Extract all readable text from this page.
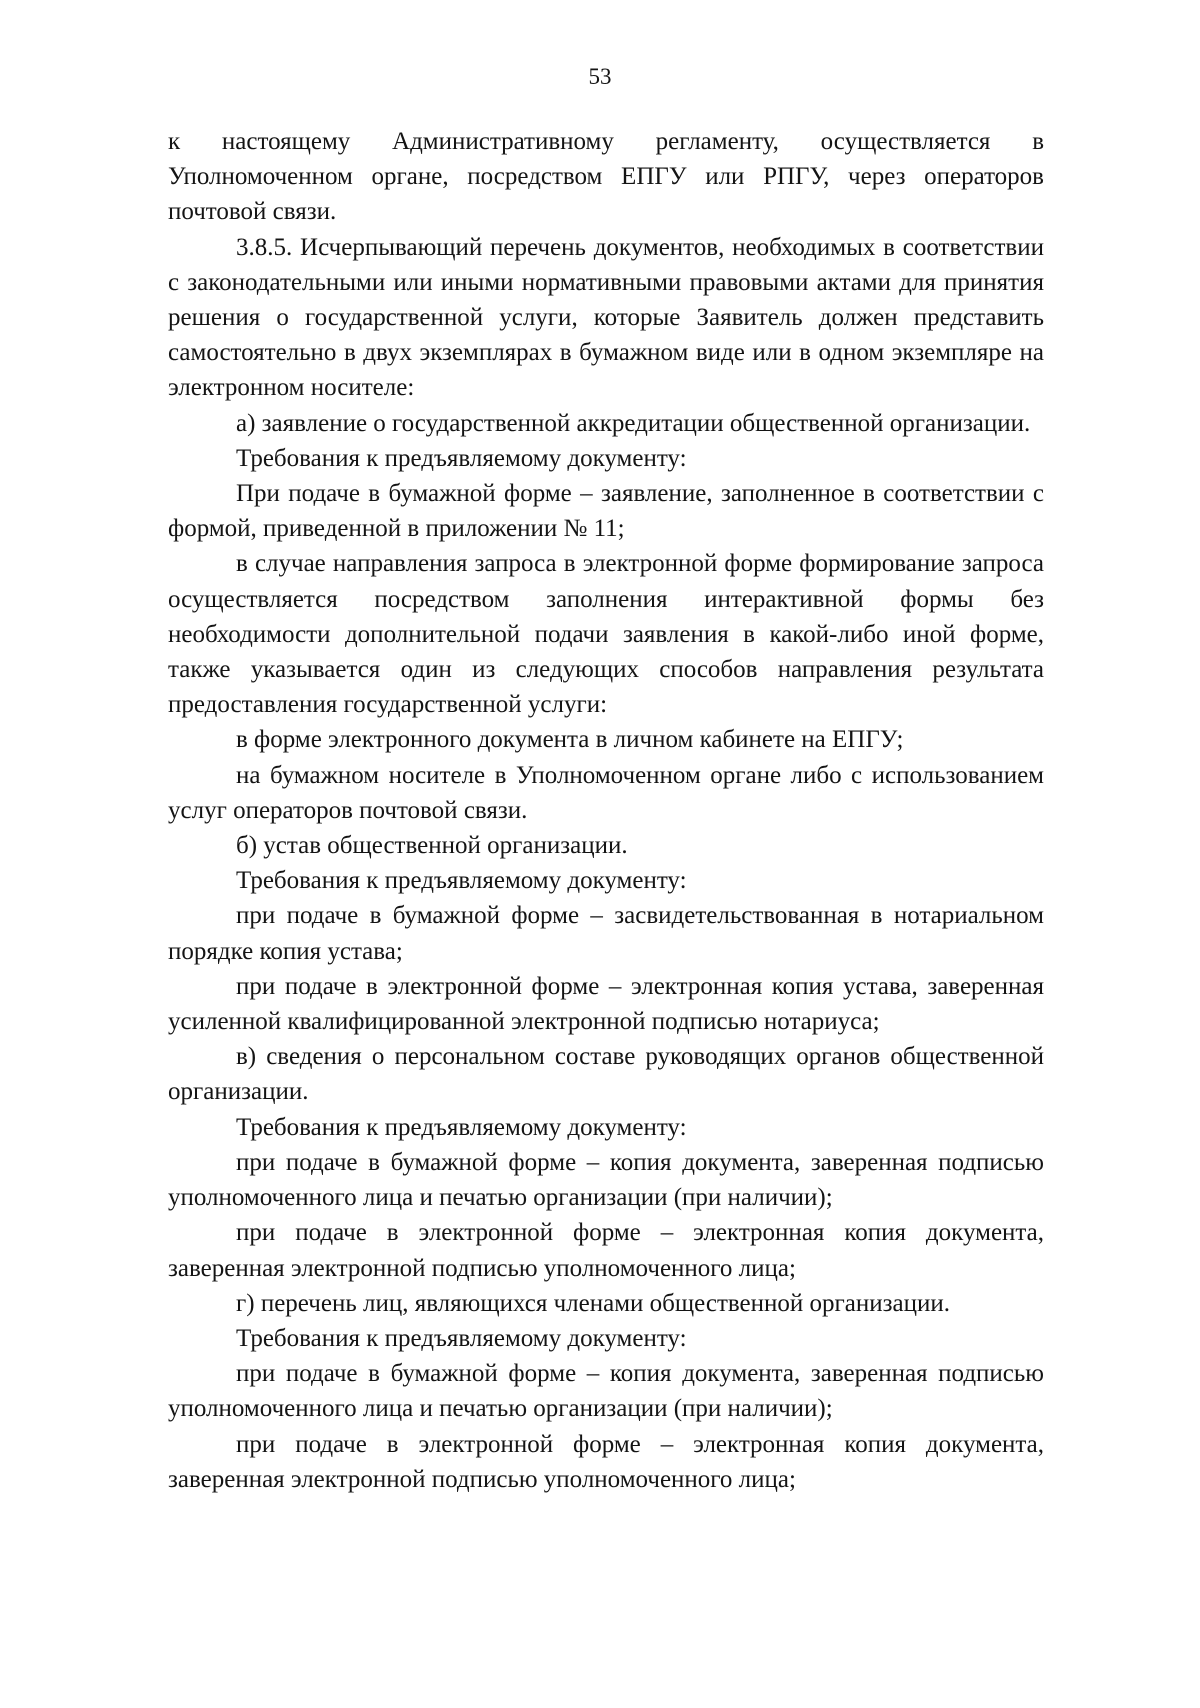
53

к настоящему Административному регламенту, осуществляется в Уполномоченном органе, посредством ЕПГУ или РПГУ, через операторов почтовой связи.

3.8.5. Исчерпывающий перечень документов, необходимых в соответствии с законодательными или иными нормативными правовыми актами для принятия решения о государственной услуги, которые Заявитель должен представить самостоятельно в двух экземплярах в бумажном виде или в одном экземпляре на электронном носителе:

а) заявление о государственной аккредитации общественной организации.

Требования к предъявляемому документу:

При подаче в бумажной форме – заявление, заполненное в соответствии с формой, приведенной в приложении № 11;

в случае направления запроса в электронной форме формирование запроса осуществляется посредством заполнения интерактивной формы без необходимости дополнительной подачи заявления в какой-либо иной форме, также указывается один из следующих способов направления результата предоставления государственной услуги:

в форме электронного документа в личном кабинете на ЕПГУ;

на бумажном носителе в Уполномоченном органе либо с использованием услуг операторов почтовой связи.

б) устав общественной организации.

Требования к предъявляемому документу:

при подаче в бумажной форме – засвидетельствованная в нотариальном порядке копия устава;

при подаче в электронной форме – электронная копия устава, заверенная усиленной квалифицированной электронной подписью нотариуса;

в) сведения о персональном составе руководящих органов общественной организации.

Требования к предъявляемому документу:

при подаче в бумажной форме – копия документа, заверенная подписью уполномоченного лица и печатью организации (при наличии);

при подаче в электронной форме – электронная копия документа, заверенная электронной подписью уполномоченного лица;

г) перечень лиц, являющихся членами общественной организации.

Требования к предъявляемому документу:

при подаче в бумажной форме – копия документа, заверенная подписью уполномоченного лица и печатью организации (при наличии);

при подаче в электронной форме – электронная копия документа, заверенная электронной подписью уполномоченного лица;
